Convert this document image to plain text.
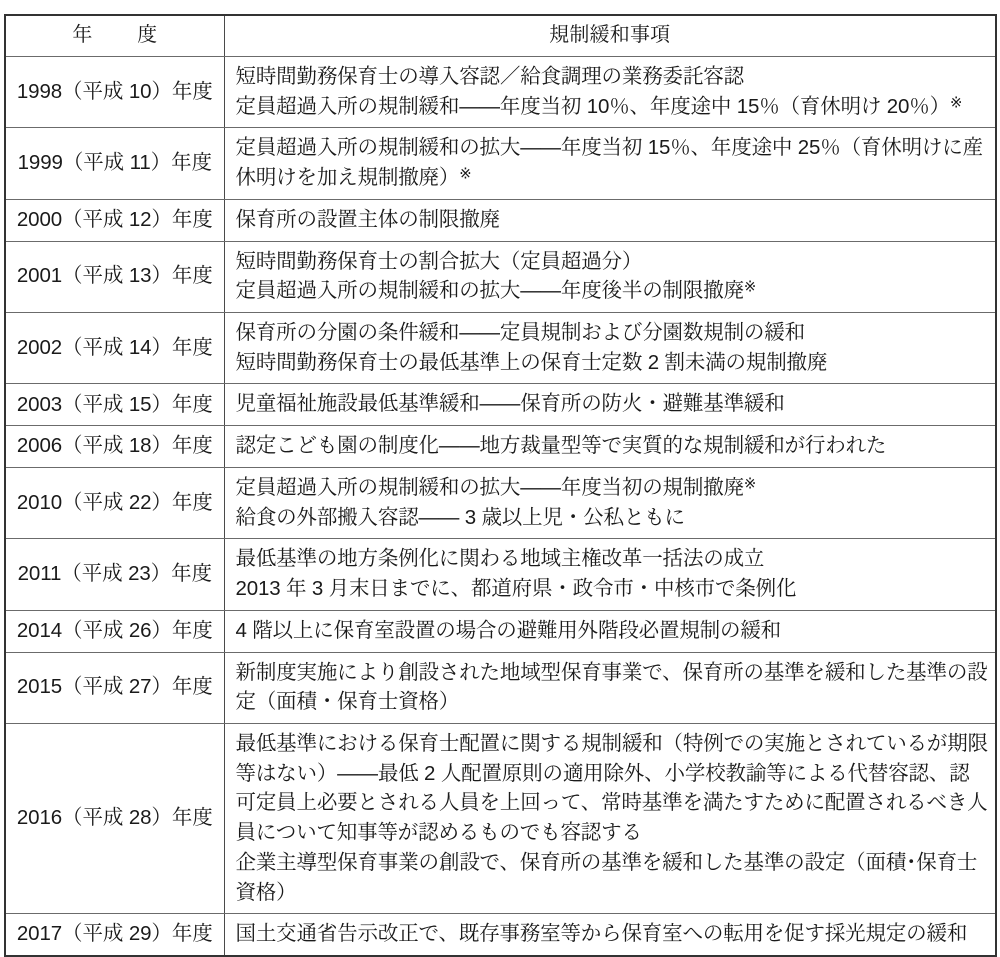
年　度	規制緩和事項
1998（平成 10）年度	短時間勤務保育士の導入容認／給食調理の業務委託容認
定員超過入所の規制緩和——年度当初 10％、年度途中 15％（育休明け 20％）※

1999（平成 11）年度	定員超過入所の規制緩和の拡大——年度当初 15％、年度途中 25％（育休明けに産休明けを加え規制撤廃）※

2000（平成 12）年度	保育所の設置主体の制限撤廃

2001（平成 13）年度	短時間勤務保育士の割合拡大（定員超過分）
定員超過入所の規制緩和の拡大——年度後半の制限撤廃※

2002（平成 14）年度	保育所の分園の条件緩和——定員規制および分園数規制の緩和
短時間勤務保育士の最低基準上の保育士定数 2 割未満の規制撤廃

2003（平成 15）年度	児童福祉施設最低基準緩和——保育所の防火・避難基準緩和

2006（平成 18）年度	認定こども園の制度化——地方裁量型等で実質的な規制緩和が行われた

2010（平成 22）年度	定員超過入所の規制緩和の拡大——年度当初の規制撤廃※
給食の外部搬入容認—— 3 歳以上児・公私ともに

2011（平成 23）年度	最低基準の地方条例化に関わる地域主権改革一括法の成立
2013 年 3 月末日までに、都道府県・政令市・中核市で条例化

2014（平成 26）年度	4 階以上に保育室設置の場合の避難用外階段必置規制の緩和

2015（平成 27）年度	新制度実施により創設された地域型保育事業で、保育所の基準を緩和した基準の設定（面積・保育士資格）

2016（平成 28）年度	最低基準における保育士配置に関する規制緩和（特例での実施とされているが期限等はない）——最低 2 人配置原則の適用除外、小学校教諭等による代替容認、認可定員上必要とされる人員を上回って、常時基準を満たすために配置されるべき人員について知事等が認めるものでも容認する
企業主導型保育事業の創設で、保育所の基準を緩和した基準の設定（面積･保育士資格）

2017（平成 29）年度	国土交通省告示改正で、既存事務室等から保育室への転用を促す採光規定の緩和
